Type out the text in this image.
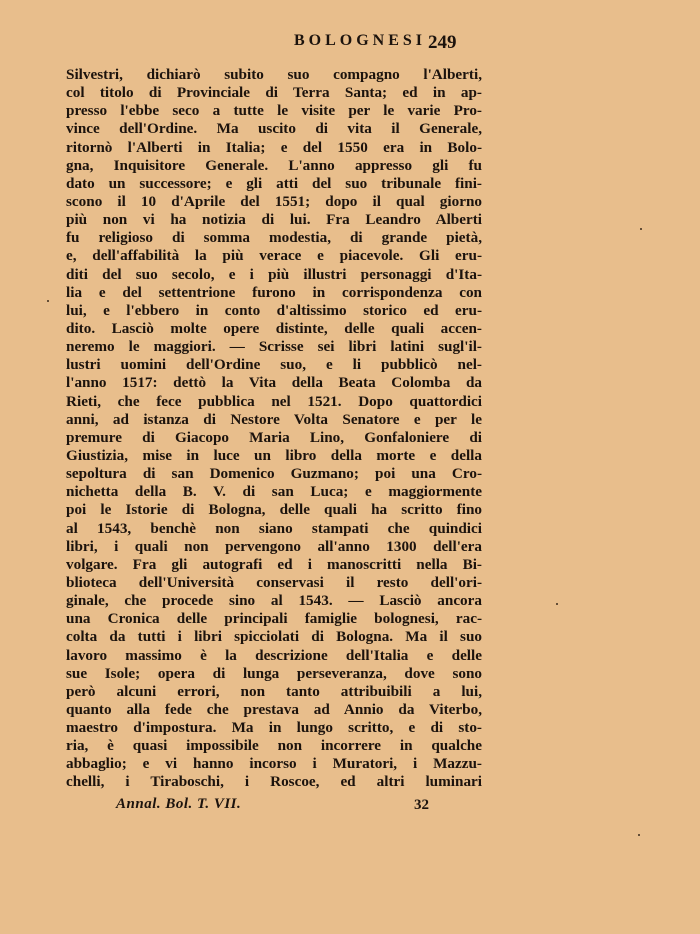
BOLOGNESI 249
Silvestri, dichiarò subito suo compagno l'Alberti,
col titolo di Provinciale di Terra Santa; ed in ap-
presso l'ebbe seco a tutte le visite per le varie Pro-
vince dell'Ordine. Ma uscito di vita il Generale,
ritornò l'Alberti in Italia; e del 1550 era in Bolo-
gna, Inquisitore Generale. L'anno appresso gli fu
dato un successore; e gli atti del suo tribunale fini-
scono il 10 d'Aprile del 1551; dopo il qual giorno
più non vi ha notizia di lui. Fra Leandro Alberti
fu religioso di somma modestia, di grande pietà,
e, dell'affabilità la più verace e piacevole. Gli eru-
diti del suo secolo, e i più illustri personaggi d'Ita-
lia e del settentrione furono in corrispondenza con
lui, e l'ebbero in conto d'altissimo storico ed eru-
dito. Lasciò molte opere distinte, delle quali accen-
neremo le maggiori. — Scrisse sei libri latini sugl'il-
lustri uomini dell'Ordine suo, e li pubblicò nel-
l'anno 1517: dettò la Vita della Beata Colomba da
Rieti, che fece pubblica nel 1521. Dopo quattordici
anni, ad istanza di Nestore Volta Senatore e per le
premure di Giacopo Maria Lino, Gonfaloniere di
Giustizia, mise in luce un libro della morte e della
sepoltura di san Domenico Guzmano; poi una Cro-
nichetta della B. V. di san Luca; e maggiormente
poi le Istorie di Bologna, delle quali ha scritto fino
al 1543, benchè non siano stampati che quindici
libri, i quali non pervengono all'anno 1300 dell'era
volgare. Fra gli autografi ed i manoscritti nella Bi-
blioteca dell'Università conservasi il resto dell'ori-
ginale, che procede sino al 1543. — Lasciò ancora
una Cronica delle principali famiglie bolognesi, rac-
colta da tutti i libri spicciolati di Bologna. Ma il suo
lavoro massimo è la descrizione dell'Italia e delle
sue Isole; opera di lunga perseveranza, dove sono
però alcuni errori, non tanto attribuibili a lui,
quanto alla fede che prestava ad Annio da Viterbo,
maestro d'impostura. Ma in lungo scritto, e di sto-
ria, è quasi impossibile non incorrere in qualche
abbaglio; e vi hanno incorso i Muratori, i Mazzu-
chelli, i Tiraboschi, i Roscoe, ed altri luminari
Annal. Bol. T. VII.	32
